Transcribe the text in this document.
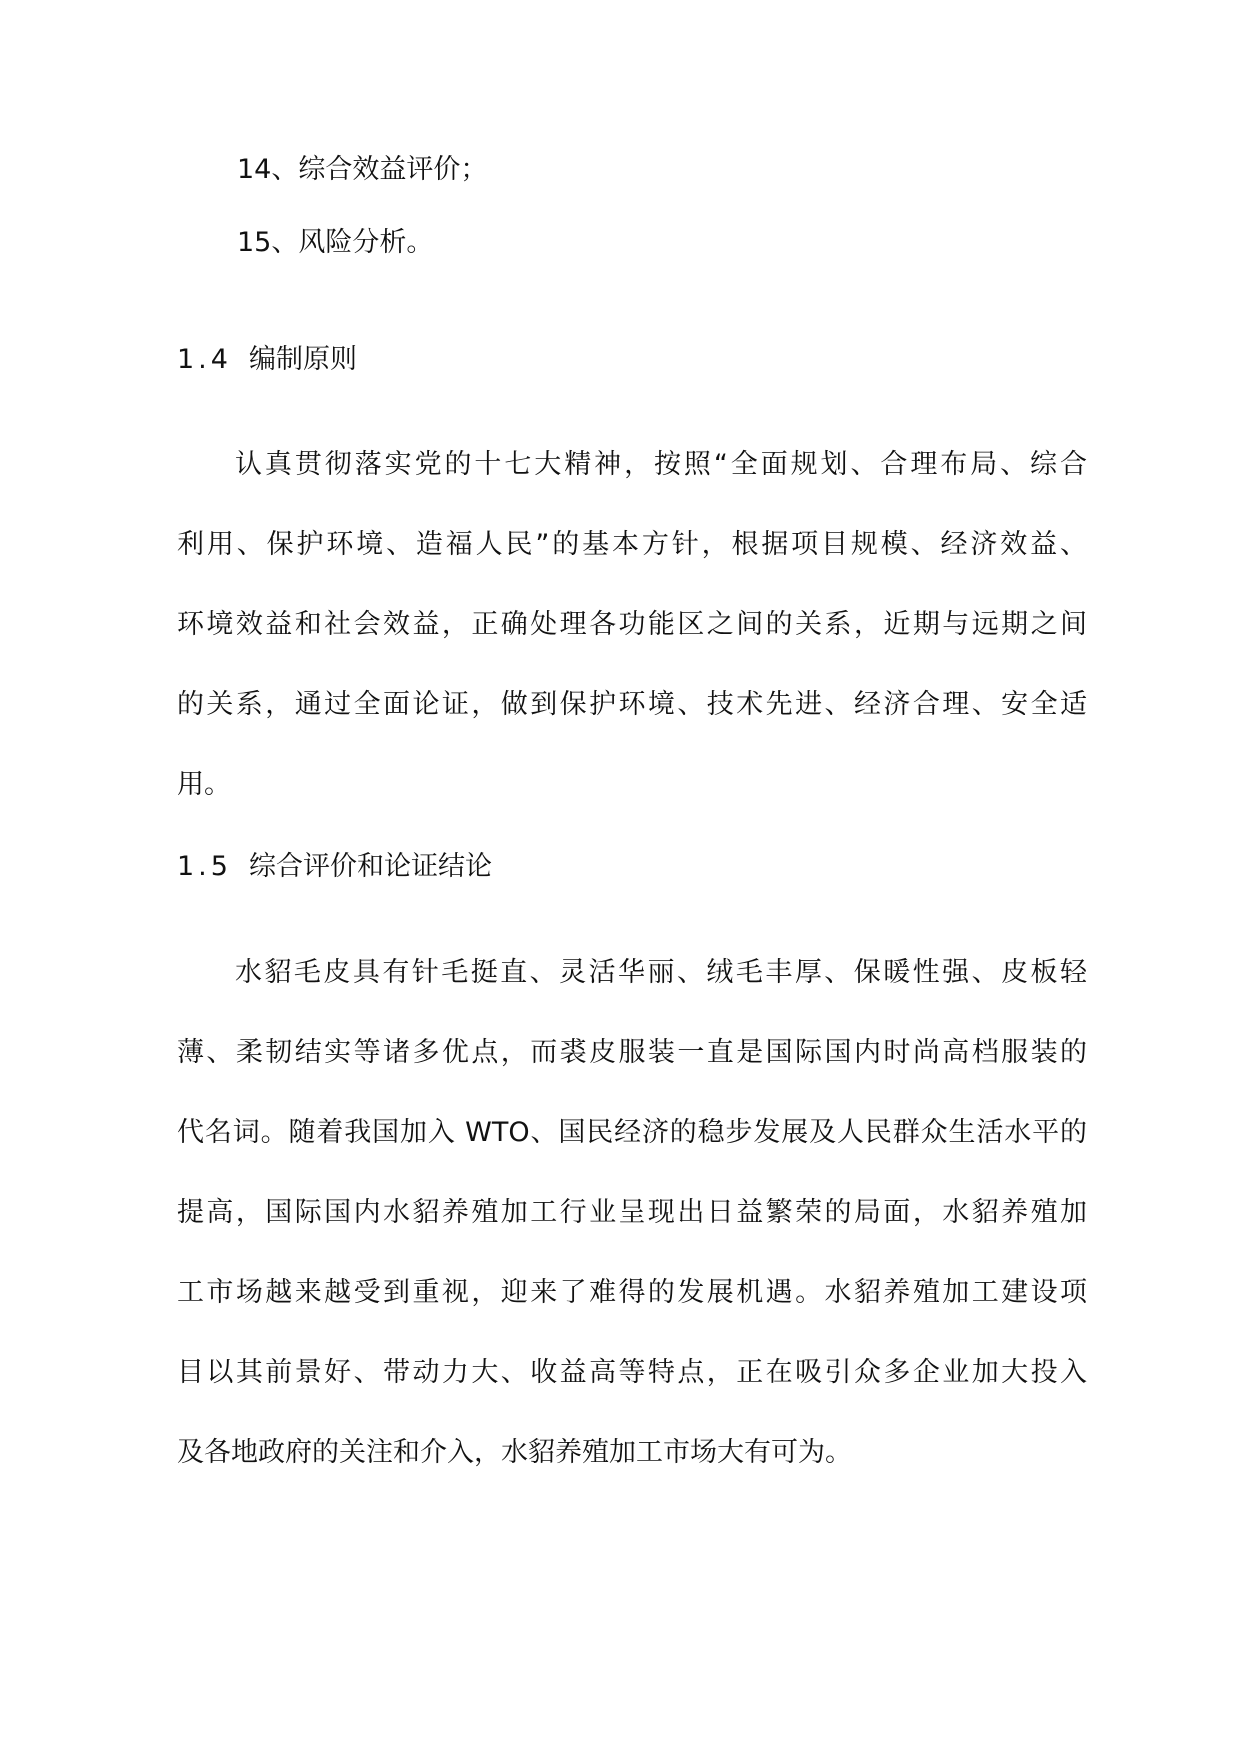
14、综合效益评价；
15、风险分析。
1.4 编制原则
认真贯彻落实党的十七大精神，按照“全面规划、合理布局、综合
利用、保护环境、造福人民”的基本方针，根据项目规模、经济效益、
环境效益和社会效益，正确处理各功能区之间的关系，近期与远期之间
的关系，通过全面论证，做到保护环境、技术先进、经济合理、安全适
用。
1.5 综合评价和论证结论
水貂毛皮具有针毛挺直、灵活华丽、绒毛丰厚、保暖性强、皮板轻
薄、柔韧结实等诸多优点，而裘皮服装一直是国际国内时尚高档服装的
代名词。随着我国加入 WTO、国民经济的稳步发展及人民群众生活水平的
提高，国际国内水貂养殖加工行业呈现出日益繁荣的局面，水貂养殖加
工市场越来越受到重视，迎来了难得的发展机遇。水貂养殖加工建设项
目以其前景好、带动力大、收益高等特点，正在吸引众多企业加大投入
及各地政府的关注和介入，水貂养殖加工市场大有可为。
